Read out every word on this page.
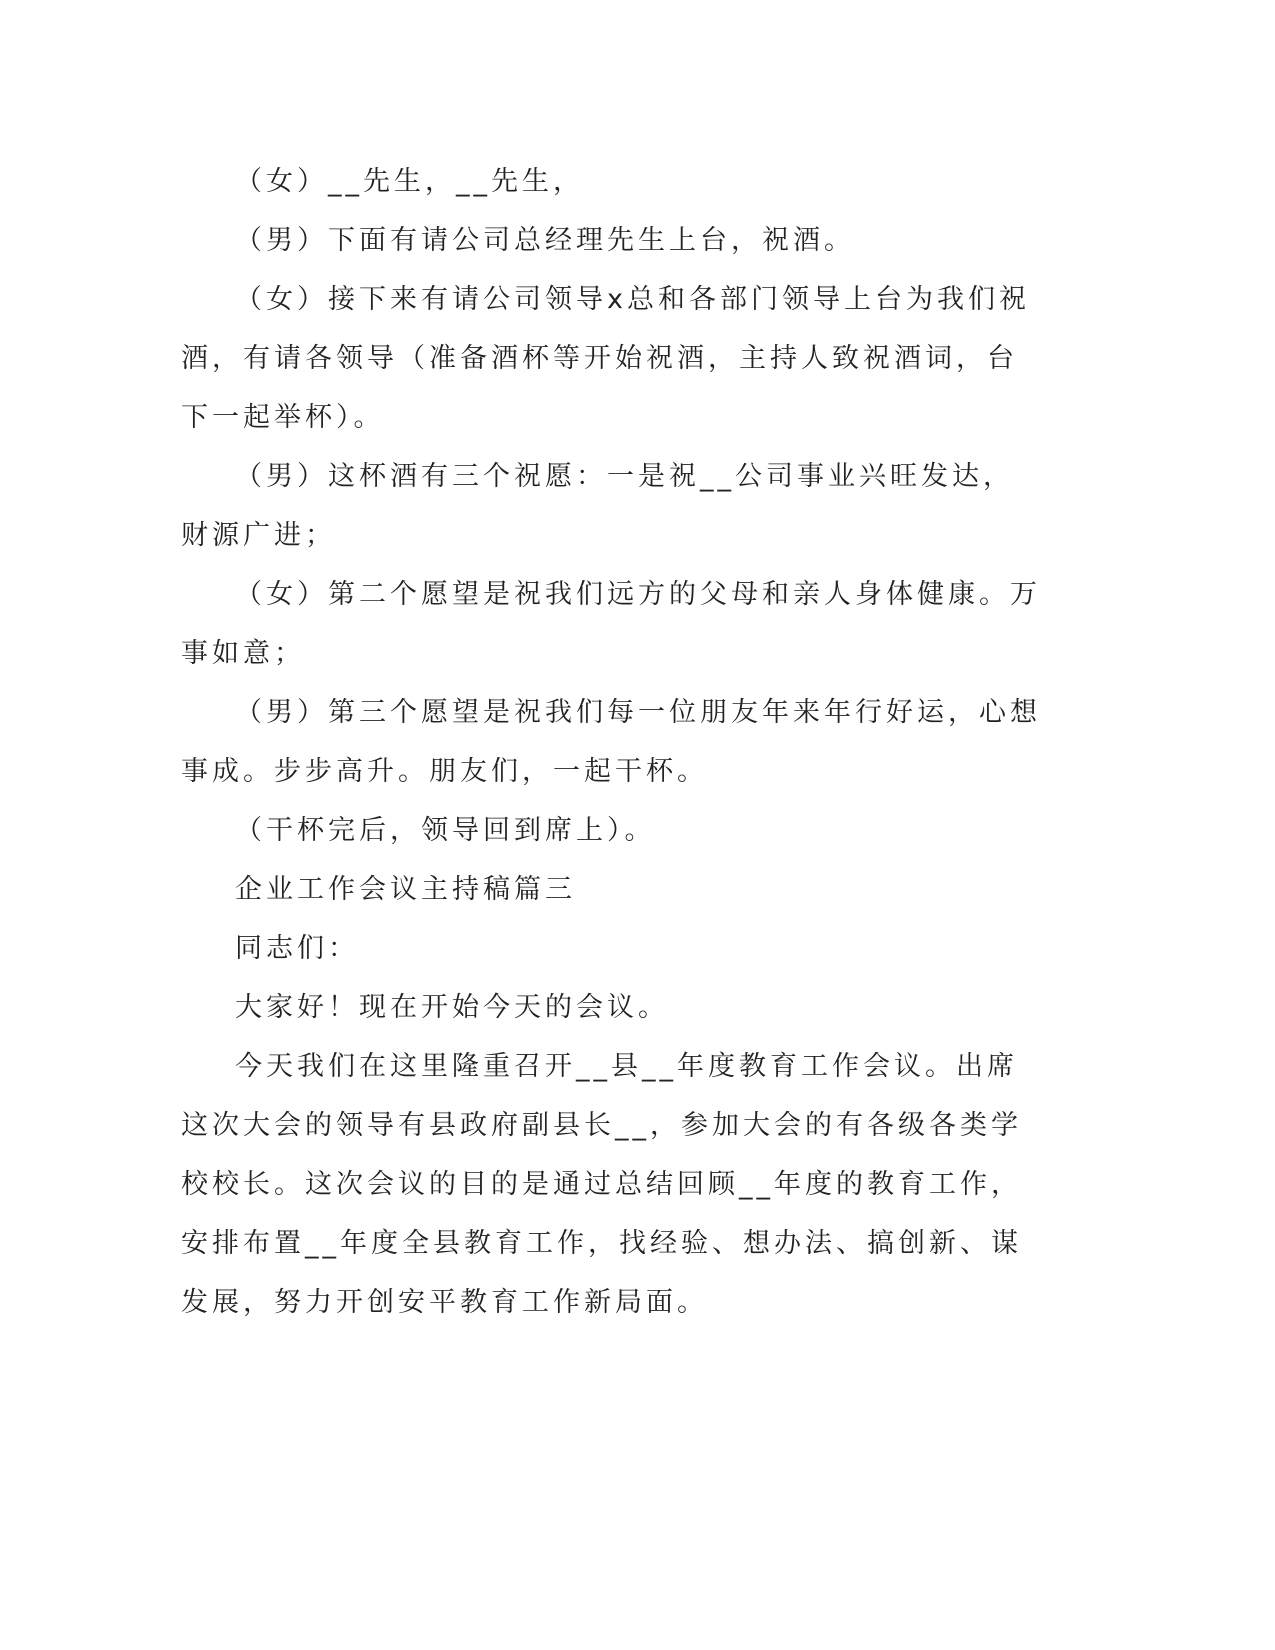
（女）__先生，__先生，

（男）下面有请公司总经理先生上台，祝酒。

（女）接下来有请公司领导x总和各部门领导上台为我们祝酒，有请各领导（准备酒杯等开始祝酒，主持人致祝酒词，台下一起举杯）。

（男）这杯酒有三个祝愿：一是祝__公司事业兴旺发达，财源广进；

（女）第二个愿望是祝我们远方的父母和亲人身体健康。万事如意；

（男）第三个愿望是祝我们每一位朋友年来年行好运，心想事成。步步高升。朋友们，一起干杯。

（干杯完后，领导回到席上）。

企业工作会议主持稿篇三

同志们：

大家好！现在开始今天的会议。

今天我们在这里隆重召开__县__年度教育工作会议。出席这次大会的领导有县政府副县长__，参加大会的有各级各类学校校长。这次会议的目的是通过总结回顾__年度的教育工作，安排布置__年度全县教育工作，找经验、想办法、搞创新、谋发展，努力开创安平教育工作新局面。
